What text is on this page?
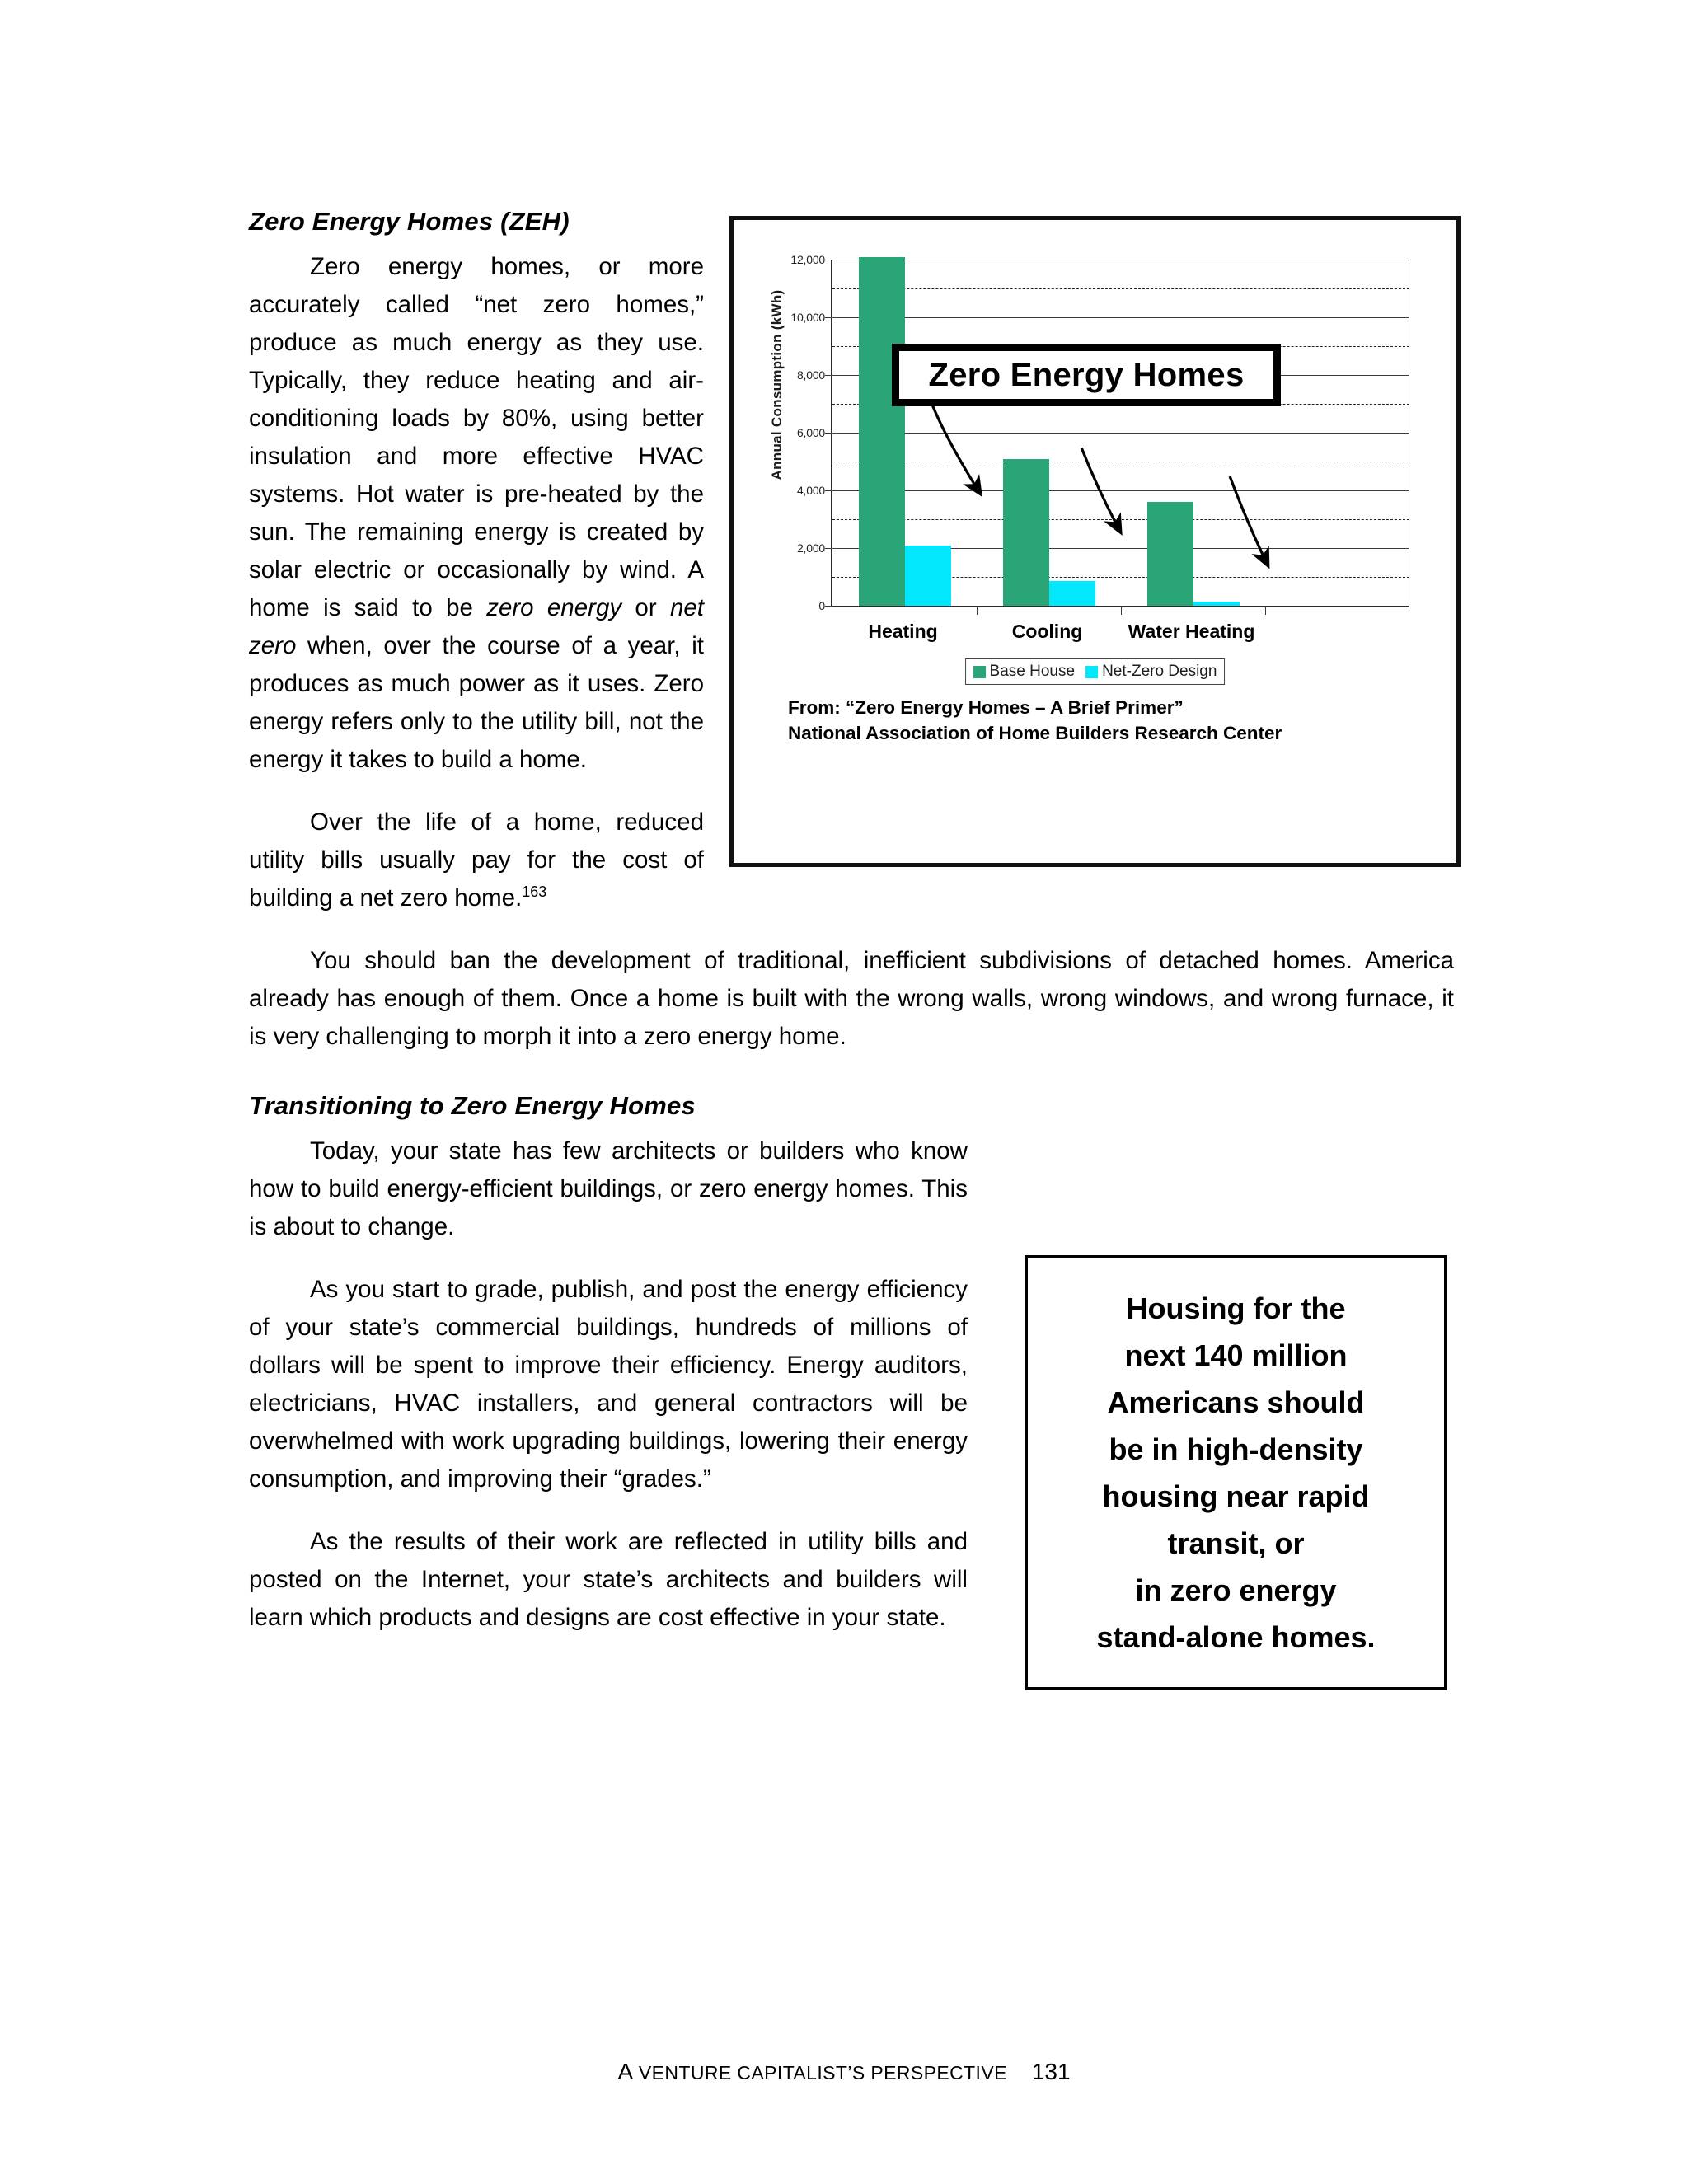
Annual Consumption (kWh)
0
2,000
4,000
6,000
8,000
10,000
12,000
Heating	Cooling Water Heating
Zero Energy Homes
Base House Net-Zero Design
From: “Zero Energy Homes – A Brief Primer”
National Association of Home Builders Research Center
Housing for the
next 140 million
Americans should
be in high-density
housing near rapid
transit, or
in zero energy
stand-alone homes.
Zero Energy Homes (ZEH)

Zero energy homes, or more accurately called “net zero homes,” produce as much energy as they use. Typically, they reduce heating and air-conditioning loads by 80%, using better insulation and more effective HVAC systems. Hot water is pre-heated by the sun. The remaining energy is created by solar electric or occasionally by wind. A home is said to be zero energy or net zero when, over the course of a year, it produces as much power as it uses. Zero energy refers only to the utility bill, not the energy it takes to build a home.

Over the life of a home, reduced utility bills usually pay for the cost of building a net zero home.$^{163}$

You should ban the development of traditional, inefficient subdivisions of detached homes. America already has enough of them. Once a home is built with the wrong walls, wrong windows, and wrong furnace, it is very challenging to morph it into a zero energy home.

Transitioning to Zero Energy Homes

Today, your state has few architects or builders who know how to build energy-efficient buildings, or zero energy homes. This is about to change.

As you start to grade, publish, and post the energy efficiency of your state’s commercial buildings, hundreds of millions of dollars will be spent to improve their efficiency. Energy auditors, electricians, HVAC installers, and general contractors will be overwhelmed with work upgrading buildings, lowering their energy consumption, and improving their “grades.”

As the results of their work are reflected in utility bills and posted on the Internet, your state’s architects and builders will learn which products and designs are cost effective in your state.

A VENTURE CAPITALIST’S PERSPECTIVE 131
